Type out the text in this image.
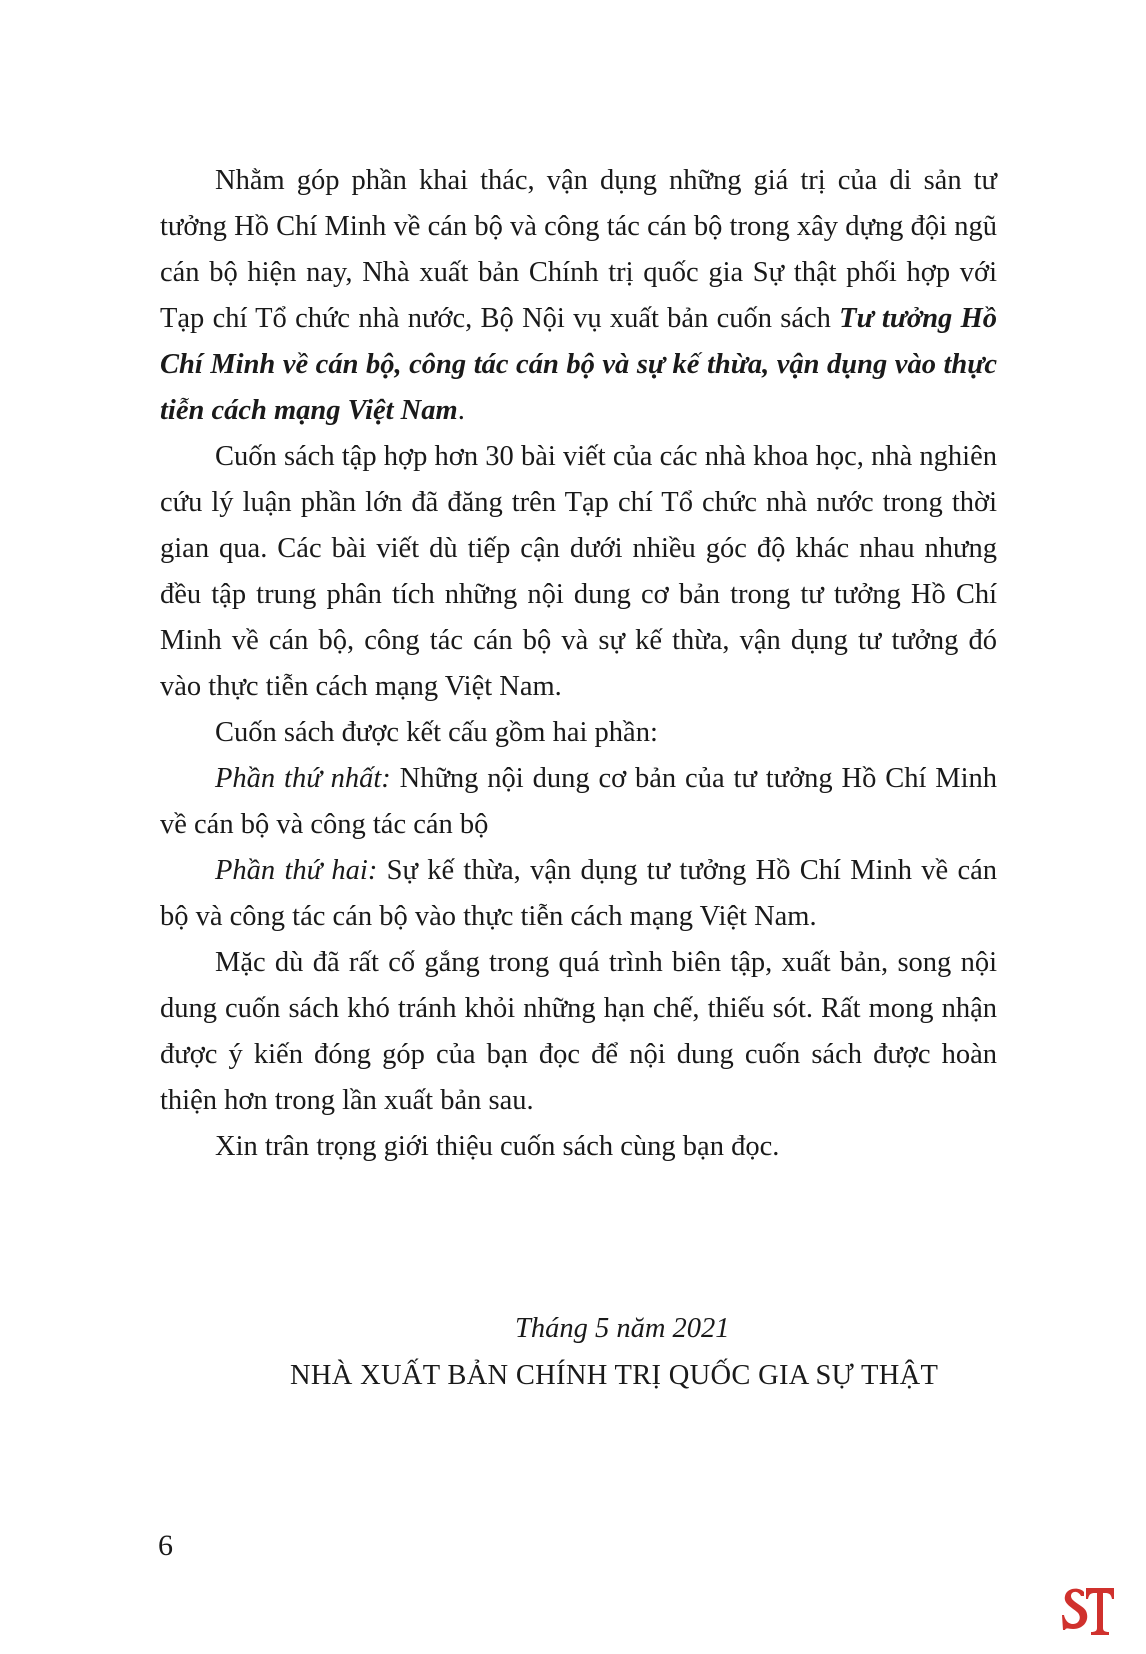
Nhằm góp phần khai thác, vận dụng những giá trị của di sản tư tưởng Hồ Chí Minh về cán bộ và công tác cán bộ trong xây dựng đội ngũ cán bộ hiện nay, Nhà xuất bản Chính trị quốc gia Sự thật phối hợp với Tạp chí Tổ chức nhà nước, Bộ Nội vụ xuất bản cuốn sách Tư tưởng Hồ Chí Minh về cán bộ, công tác cán bộ và sự kế thừa, vận dụng vào thực tiễn cách mạng Việt Nam.

Cuốn sách tập hợp hơn 30 bài viết của các nhà khoa học, nhà nghiên cứu lý luận phần lớn đã đăng trên Tạp chí Tổ chức nhà nước trong thời gian qua. Các bài viết dù tiếp cận dưới nhiều góc độ khác nhau nhưng đều tập trung phân tích những nội dung cơ bản trong tư tưởng Hồ Chí Minh về cán bộ, công tác cán bộ và sự kế thừa, vận dụng tư tưởng đó vào thực tiễn cách mạng Việt Nam.

Cuốn sách được kết cấu gồm hai phần:

Phần thứ nhất: Những nội dung cơ bản của tư tưởng Hồ Chí Minh về cán bộ và công tác cán bộ

Phần thứ hai: Sự kế thừa, vận dụng tư tưởng Hồ Chí Minh về cán bộ và công tác cán bộ vào thực tiễn cách mạng Việt Nam.

Mặc dù đã rất cố gắng trong quá trình biên tập, xuất bản, song nội dung cuốn sách khó tránh khỏi những hạn chế, thiếu sót. Rất mong nhận được ý kiến đóng góp của bạn đọc để nội dung cuốn sách được hoàn thiện hơn trong lần xuất bản sau.

Xin trân trọng giới thiệu cuốn sách cùng bạn đọc.

Tháng 5 năm 2021
NHÀ XUẤT BẢN CHÍNH TRỊ QUỐC GIA SỰ THẬT
6
